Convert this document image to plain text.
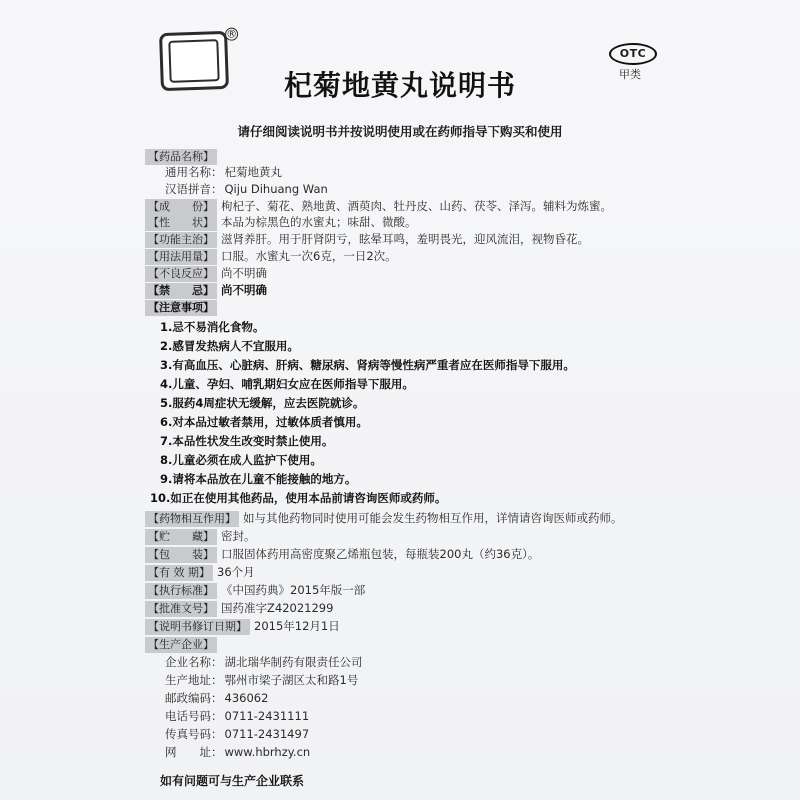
®
OTC
甲类
杞菊地黄丸说明书
请仔细阅读说明书并按说明使用或在药师指导下购买和使用
【药品名称】
通用名称： 杞菊地黄丸
汉语拼音： Qiju Dihuang Wan
【成　　份】 枸杞子、菊花、熟地黄、酒萸肉、牡丹皮、山药、茯苓、泽泻。辅料为炼蜜。
【性　　状】 本品为棕黑色的水蜜丸；味甜、微酸。
【功能主治】 滋肾养肝。用于肝肾阴亏，眩晕耳鸣，羞明畏光，迎风流泪，视物昏花。
【用法用量】 口服。水蜜丸一次6克，一日2次。
【不良反应】 尚不明确
【禁　　忌】 尚不明确
【注意事项】
1.忌不易消化食物。
2.感冒发热病人不宜服用。
3.有高血压、心脏病、肝病、糖尿病、肾病等慢性病严重者应在医师指导下服用。
4.儿童、孕妇、哺乳期妇女应在医师指导下服用。
5.服药4周症状无缓解，应去医院就诊。
6.对本品过敏者禁用，过敏体质者慎用。
7.本品性状发生改变时禁止使用。
8.儿童必须在成人监护下使用。
9.请将本品放在儿童不能接触的地方。
10.如正在使用其他药品，使用本品前请咨询医师或药师。
【药物相互作用】 如与其他药物同时使用可能会发生药物相互作用，详情请咨询医师或药师。
【贮　　藏】 密封。
【包　　装】 口服固体药用高密度聚乙烯瓶包装，每瓶装200丸（约36克）。
【有 效 期】 36个月
【执行标准】 《中国药典》2015年版一部
【批准文号】 国药准字Z42021299
【说明书修订日期】 2015年12月1日
【生产企业】
企业名称： 湖北瑞华制药有限责任公司
生产地址： 鄂州市梁子湖区太和路1号
邮政编码： 436062
电话号码： 0711-2431111
传真号码： 0711-2431497
网　　址： www.hbrhzy.cn
如有问题可与生产企业联系
